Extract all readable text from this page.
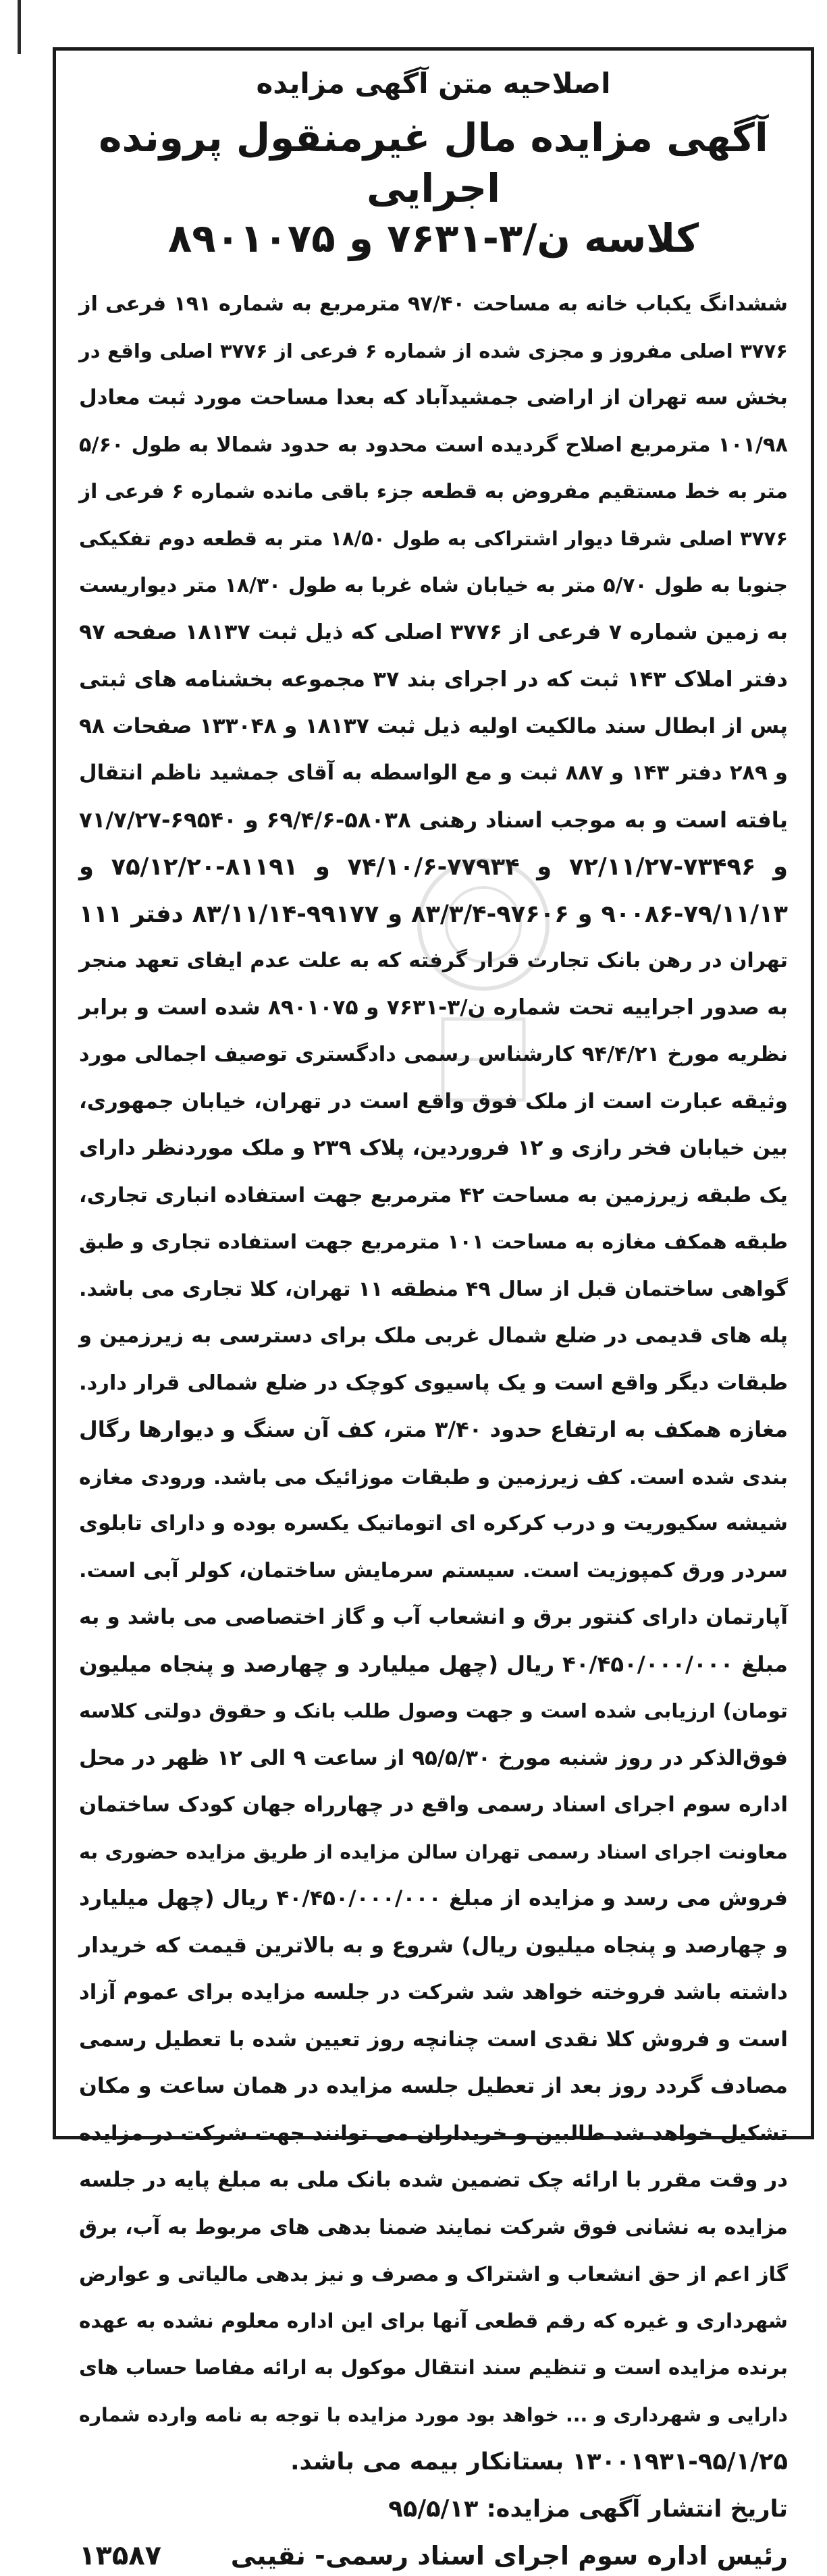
اصلاحیه متن آگهی مزایده
آگهی مزایده مال غیرمنقول پرونده اجرایی
کلاسه ن/۳-۷۶۳۱ و ۸۹۰۱۰۷۵
ششدانگ یکباب خانه به مساحت ۹۷/۴۰ مترمربع به شماره ۱۹۱ فرعی از
۳۷۷۶ اصلی مفروز و مجزی شده از شماره ۶ فرعی از ۳۷۷۶ اصلی واقع در
بخش سه تهران از اراضی جمشیدآباد که بعدا مساحت مورد ثبت معادل
۱۰۱/۹۸ مترمربع اصلاح گردیده است محدود به حدود شمالا به طول ۵/۶۰
متر به خط مستقیم مفروض به قطعه جزء باقی مانده شماره ۶ فرعی از
۳۷۷۶ اصلی شرقا دیوار اشتراکی به طول ۱۸/۵۰ متر به قطعه دوم تفکیکی
جنوبا به طول ۵/۷۰ متر به خیابان شاه غربا به طول ۱۸/۳۰ متر دیواریست
به زمین شماره ۷ فرعی از ۳۷۷۶ اصلی که ذیل ثبت ۱۸۱۳۷ صفحه ۹۷
دفتر املاک ۱۴۳ ثبت که در اجرای بند ۳۷ مجموعه بخشنامه های ثبتی
پس از ابطال سند مالکیت اولیه ذیل ثبت ۱۸۱۳۷ و ۱۳۳۰۴۸ صفحات ۹۸
و ۲۸۹ دفتر ۱۴۳ و ۸۸۷ ثبت و مع الواسطه به آقای جمشید ناظم انتقال
یافته است و به موجب اسناد رهنی ۵۸۰۳۸-۶۹/۴/۶ و ۶۹۵۴۰-۷۱/۷/۲۷
و ۷۳۴۹۶-۷۲/۱۱/۲۷ و ۷۷۹۳۴-۷۴/۱۰/۶ و ۸۱۱۹۱-۷۵/۱۲/۲۰ و
۹۰۰۸۶-۷۹/۱۱/۱۳ و ۹۷۶۰۶-۸۳/۳/۴ و ۹۹۱۷۷-۸۳/۱۱/۱۴ دفتر ۱۱۱
تهران در رهن بانک تجارت قرار گرفته که به علت عدم ایفای تعهد منجر
به صدور اجراییه تحت شماره ن/۳-۷۶۳۱ و ۸۹۰۱۰۷۵ شده است و برابر
نظریه مورخ ۹۴/۴/۲۱ کارشناس رسمی دادگستری توصیف اجمالی مورد
وثیقه عبارت است از ملک فوق واقع است در تهران، خیابان جمهوری،
بین خیابان فخر رازی و ۱۲ فروردین، پلاک ۲۳۹ و ملک موردنظر دارای
یک طبقه زیرزمین به مساحت ۴۲ مترمربع جهت استفاده انباری تجاری،
طبقه همکف مغازه به مساحت ۱۰۱ مترمربع جهت استفاده تجاری و طبق
گواهی ساختمان قبل از سال ۴۹ منطقه ۱۱ تهران، کلا تجاری می باشد.
پله های قدیمی در ضلع شمال غربی ملک برای دسترسی به زیرزمین و
طبقات دیگر واقع است و یک پاسیوی کوچک در ضلع شمالی قرار دارد.
مغازه همکف به ارتفاع حدود ۳/۴۰ متر، کف آن سنگ و دیوارها رگال
بندی شده است. کف زیرزمین و طبقات موزائیک می باشد. ورودی مغازه
شیشه سکیوریت و درب کرکره ای اتوماتیک یکسره بوده و دارای تابلوی
سردر ورق کمپوزیت است. سیستم سرمایش ساختمان، کولر آبی است.
آپارتمان دارای کنتور برق و انشعاب آب و گاز اختصاصی می باشد و به
مبلغ ۴۰/۴۵۰/۰۰۰/۰۰۰ ریال (چهل میلیارد و چهارصد و پنجاه میلیون
تومان) ارزیابی شده است و جهت وصول طلب بانک و حقوق دولتی کلاسه
فوق‌الذکر در روز شنبه مورخ ۹۵/۵/۳۰ از ساعت ۹ الی ۱۲ ظهر در محل
اداره سوم اجرای اسناد رسمی واقع در چهارراه جهان کودک ساختمان
معاونت اجرای اسناد رسمی تهران سالن مزایده از طریق مزایده حضوری به
فروش می رسد و مزایده از مبلغ ۴۰/۴۵۰/۰۰۰/۰۰۰ ریال (چهل میلیارد
و چهارصد و پنجاه میلیون ریال) شروع و به بالاترین قیمت که خریدار
داشته باشد فروخته خواهد شد شرکت در جلسه مزایده برای عموم آزاد
است و فروش کلا نقدی است چنانچه روز تعیین شده با تعطیل رسمی
مصادف گردد روز بعد از تعطیل جلسه مزایده در همان ساعت و مکان
تشکیل خواهد شد طالبین و خریداران می توانند جهت شرکت در مزایده
در وقت مقرر با ارائه چک تضمین شده بانک ملی به مبلغ پایه در جلسه
مزایده به نشانی فوق شرکت نمایند ضمنا بدهی های مربوط به آب، برق
گاز اعم از حق انشعاب و اشتراک و مصرف و نیز بدهی مالیاتی و عوارض
شهرداری و غیره که رقم قطعی آنها برای این اداره معلوم نشده به عهده
برنده مزایده است و تنظیم سند انتقال موکول به ارائه مفاصا حساب های
دارایی و شهرداری و ... خواهد بود مورد مزایده با توجه به نامه وارده شماره
۱۳۰۰۱۹۳۱-۹۵/۱/۲۵ بستانکار بیمه می باشد.
تاریخ انتشار آگهی مزایده: ۹۵/۵/۱۳
رئیس اداره سوم اجرای اسناد رسمی- نقیبی
۱۳۵۸۷
